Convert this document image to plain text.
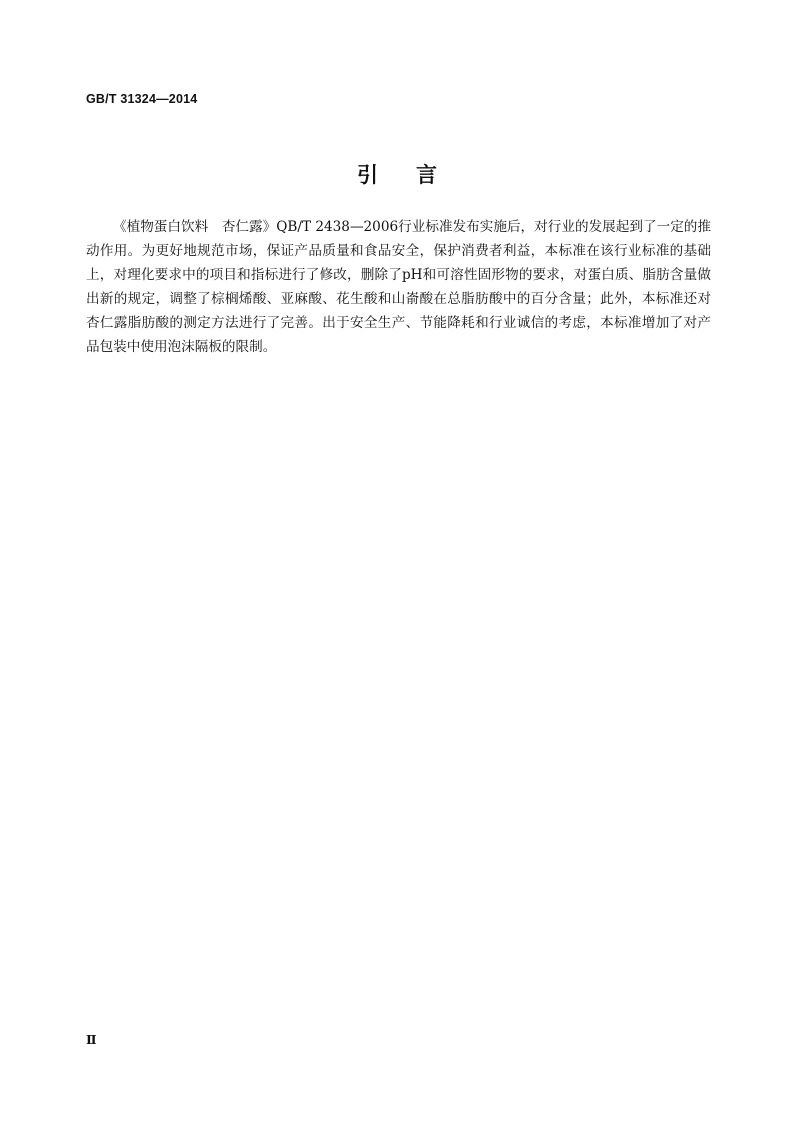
GB/T 31324—2014
引 言

《植物蛋白饮料　杏仁露》QB/T 2438—2006行业标准发布实施后，对行业的发展起到了一定的推动作用。为更好地规范市场，保证产品质量和食品安全，保护消费者利益，本标准在该行业标准的基础上，对理化要求中的项目和指标进行了修改，删除了pH和可溶性固形物的要求，对蛋白质、脂肪含量做出新的规定，调整了棕榈烯酸、亚麻酸、花生酸和山嵛酸在总脂肪酸中的百分含量；此外，本标准还对杏仁露脂肪酸的测定方法进行了完善。出于安全生产、节能降耗和行业诚信的考虑，本标准增加了对产品包装中使用泡沫隔板的限制。

Ⅱ
